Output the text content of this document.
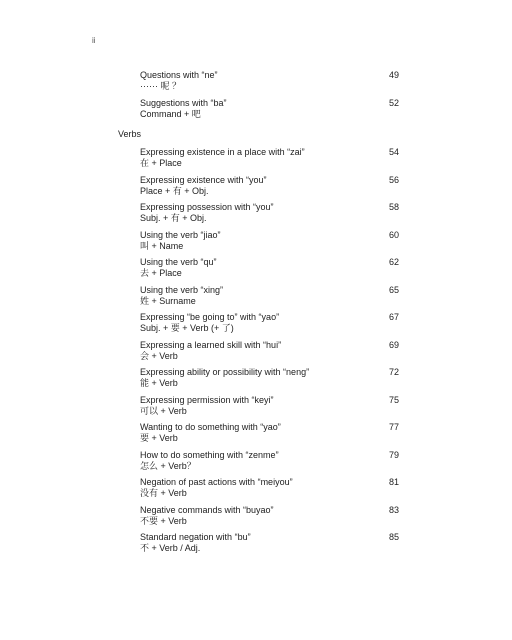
ii
Questions with “ne”
······ 呢 ？
49
Suggestions with “ba”
Command + 吧
52
Verbs
Expressing existence in a place with “zai”
在 + Place
54
Expressing existence with “you”
Place + 有 + Obj.
56
Expressing possession with “you”
Subj. + 有 + Obj.
58
Using the verb “jiao”
叫 + Name
60
Using the verb “qu”
去 + Place
62
Using the verb “xing”
姓 + Surname
65
Expressing “be going to” with “yao”
Subj. + 要 + Verb (+ 了)
67
Expressing a learned skill with “hui”
会 + Verb
69
Expressing ability or possibility with “neng”
能 + Verb
72
Expressing permission with “keyi”
可以 + Verb
75
Wanting to do something with “yao”
要 + Verb
77
How to do something with “zenme”
怎么 + Verb？
79
Negation of past actions with “meiyou”
没有 + Verb
81
Negative commands with “buyao”
不要 + Verb
83
Standard negation with “bu”
不 + Verb / Adj.
85
